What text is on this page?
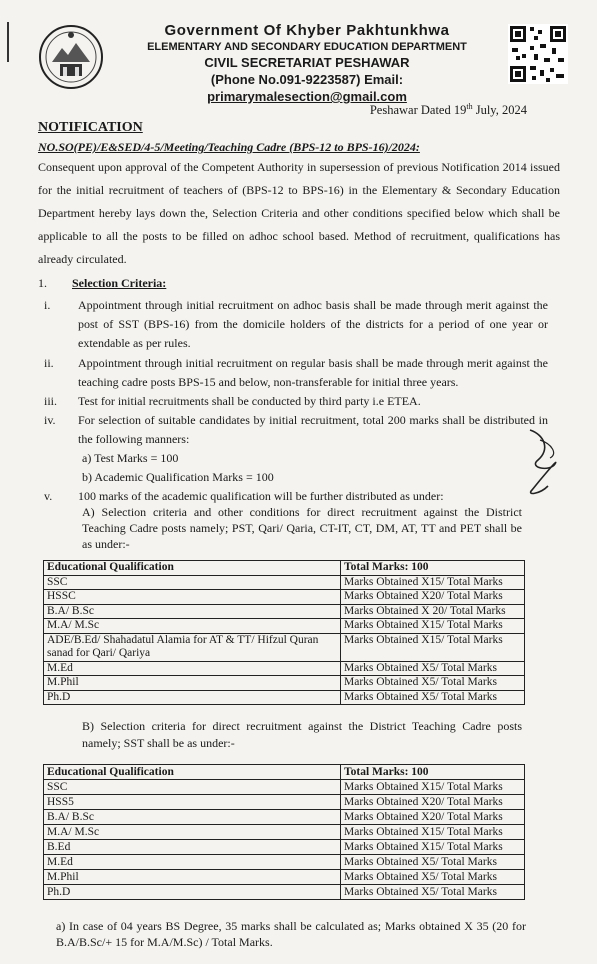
Government Of Khyber Pakhtunkhwa
ELEMENTARY AND SECONDARY EDUCATION DEPARTMENT
CIVIL SECRETARIAT PESHAWAR
(Phone No.091-9223587) Email: primarymalesection@gmail.com
Peshawar Dated 19th July, 2024
NOTIFICATION
NO.SO(PE)/E&SED/4-5/Meeting/Teaching Cadre (BPS-12 to BPS-16)/2024:
Consequent upon approval of the Competent Authority in supersession of previous Notification 2014 issued for the initial recruitment of teachers of (BPS-12 to BPS-16) in the Elementary & Secondary Education Department hereby lays down the, Selection Criteria and other conditions specified below which shall be applicable to all the posts to be filled on adhoc school based. Method of recruitment, qualifications has already circulated.
1. Selection Criteria:
i.	Appointment through initial recruitment on adhoc basis shall be made through merit against the post of SST (BPS-16) from the domicile holders of the districts for a period of one year or extendable as per rules.
ii.	Appointment through initial recruitment on regular basis shall be made through merit against the teaching cadre posts BPS-15 and below, non-transferable for initial three years.
iii.	Test for initial recruitments shall be conducted by third party i.e ETEA.
iv.	For selection of suitable candidates by initial recruitment, total 200 marks shall be distributed in the following manners:
a) Test Marks = 100
b) Academic Qualification Marks = 100
v.	100 marks of the academic qualification will be further distributed as under:
A) Selection criteria and other conditions for direct recruitment against the District Teaching Cadre posts namely; PST, Qari/ Qaria, CT-IT, CT, DM, AT, TT and PET shall be as under:-
Educational Qualification	Total Marks: 100
SSC	Marks Obtained X15/ Total Marks
HSSC	Marks Obtained X20/ Total Marks
B.A/ B.Sc	Marks Obtained X 20/ Total Marks
M.A/ M.Sc	Marks Obtained X15/ Total Marks
ADE/B.Ed/ Shahadatul Alamia for AT & TT/ Hifzul Quran sanad for Qari/ Qariya	Marks Obtained X15/ Total Marks
M.Ed	Marks Obtained X5/ Total Marks
M.Phil	Marks Obtained X5/ Total Marks
Ph.D	Marks Obtained X5/ Total Marks
B) Selection criteria for direct recruitment against the District Teaching Cadre posts namely; SST shall be as under:-
Educational Qualification	Total Marks: 100
SSC	Marks Obtained X15/ Total Marks
HSS5	Marks Obtained X20/ Total Marks
B.A/ B.Sc	Marks Obtained X20/ Total Marks
M.A/ M.Sc	Marks Obtained X15/ Total Marks
B.Ed	Marks Obtained X15/ Total Marks
M.Ed	Marks Obtained X5/ Total Marks
M.Phil	Marks Obtained X5/ Total Marks
Ph.D	Marks Obtained X5/ Total Marks
a) In case of 04 years BS Degree, 35 marks shall be calculated as; Marks obtained X 35 (20 for B.A/B.Sc/+ 15 for M.A/M.Sc) / Total Marks.
